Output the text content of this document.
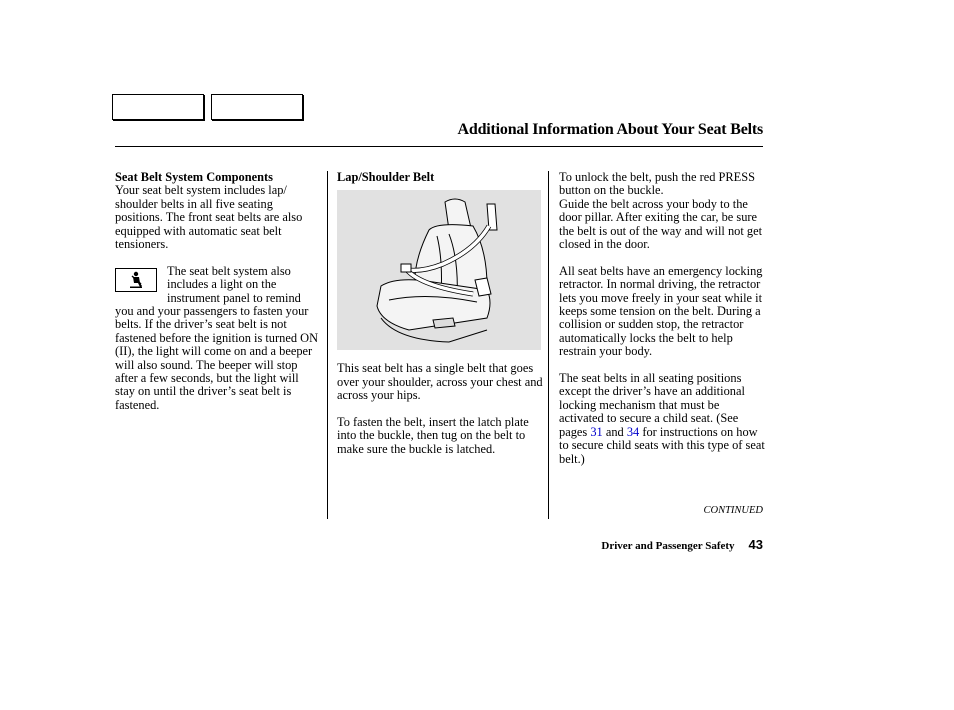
Additional Information About Your Seat Belts

Seat Belt System Components

Your seat belt system includes lap/ shoulder belts in all five seating positions. The front seat belts are also equipped with automatic seat belt tensioners.

The seat belt system also includes a light on the instrument panel to remind you and your passengers to fasten your belts. If the driver’s seat belt is not fastened before the ignition is turned ON (II), the light will come on and a beeper will also sound. The beeper will stop after a few seconds, but the light will stay on until the driver’s seat belt is fastened.

Lap/Shoulder Belt

This seat belt has a single belt that goes over your shoulder, across your chest and across your hips.

To fasten the belt, insert the latch plate into the buckle, then tug on the belt to make sure the buckle is latched.

To unlock the belt, push the red PRESS button on the buckle.

Guide the belt across your body to the door pillar. After exiting the car, be sure the belt is out of the way and will not get closed in the door.

All seat belts have an emergency locking retractor. In normal driving, the retractor lets you move freely in your seat while it keeps some tension on the belt. During a collision or sudden stop, the retractor automatically locks the belt to help restrain your body.

The seat belts in all seating positions except the driver’s have an additional locking mechanism that must be activated to secure a child seat. (See pages 31 and 34 for instructions on how to secure child seats with this type of seat belt.)

CONTINUED
Driver and Passenger Safety 43
